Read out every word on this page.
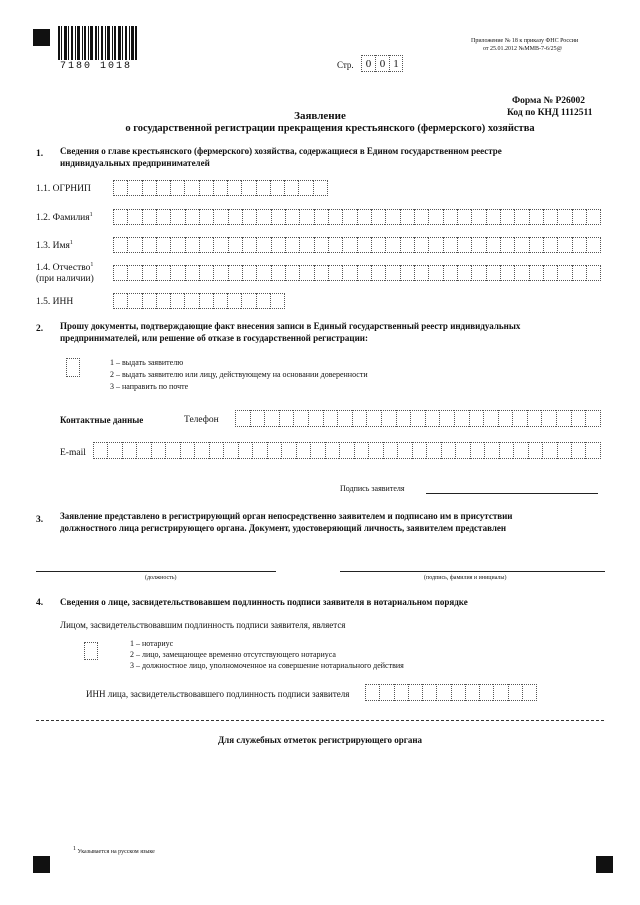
7180 1018
Приложение № 18 к приказу ФНС России
от 25.01.2012 №ММВ-7-6/25@
Стр.	0 0 1
Форма № Р26002
Код по КНД 1112511
Заявление
о государственной регистрации прекращения крестьянского (фермерского) хозяйства
1. Сведения о главе крестьянского (фермерского) хозяйства, содержащиеся в Едином государственном реестре
индивидуальных предпринимателей
1.1. ОГРНИП
1.2. Фамилия$^1$
1.3. Имя$^1$
1.4. Отчество$^1$
(при наличии)
1.5. ИНН
2. Прошу документы, подтверждающие факт внесения записи в Единый государственный реестр индивидуальных
предпринимателей, или решение об отказе в государственной регистрации:
1 – выдать заявителю
2 – выдать заявителю или лицу, действующему на основании доверенности
3 – направить по почте
Контактные данные	Телефон
E-mail
Подпись заявителя
3. Заявление представлено в регистрирующий орган непосредственно заявителем и подписано им в присутствии
должностного лица регистрирующего органа. Документ, удостоверяющий личность, заявителем представлен
(должность)	(подпись, фамилия и инициалы)
4. Сведения о лице, засвидетельствовавшем подлинность подписи заявителя в нотариальном порядке
Лицом, засвидетельствовавшим подлинность подписи заявителя, является
1 – нотариус
2 – лицо, замещающее временно отсутствующего нотариуса
3 – должностное лицо, уполномоченное на совершение нотариального действия
ИНН лица, засвидетельствовавшего подлинность подписи заявителя
Для служебных отметок регистрирующего органа
$^1$ Указывается на русском языке
